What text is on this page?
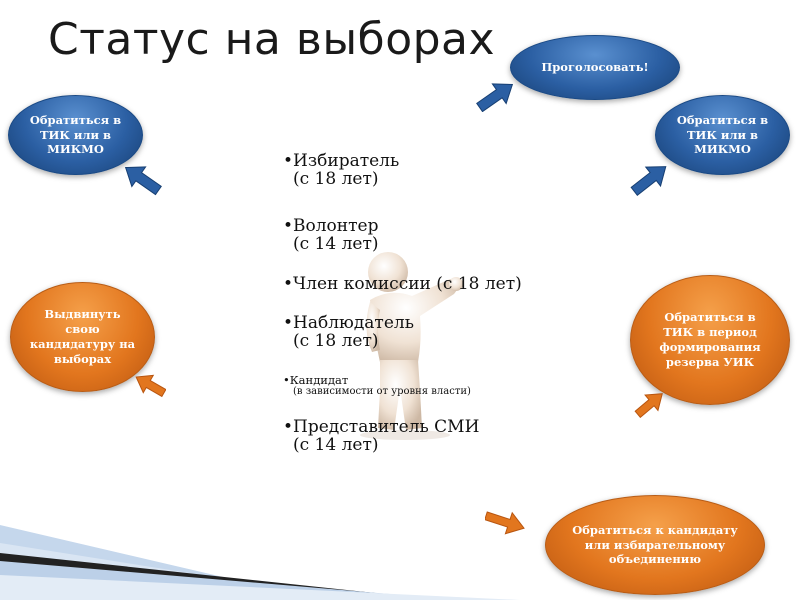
Статус на выборах
Проголосовать!
Обратиться в ТИК или в МИКМО
Обратиться в ТИК или в МИКМО
Выдвинуть свою кандидатуру на выборах
Обратиться в ТИК в период формирования резерва УИК
Обратиться к кандидату или избирательному объединению
•Избиратель
(с 18 лет)
•Волонтер
(с 14 лет)
•Член комиссии (с 18 лет)
•Наблюдатель
(с 18 лет)
•Кандидат
(в зависимости от уровня власти)
•Представитель СМИ
(с 14 лет)
